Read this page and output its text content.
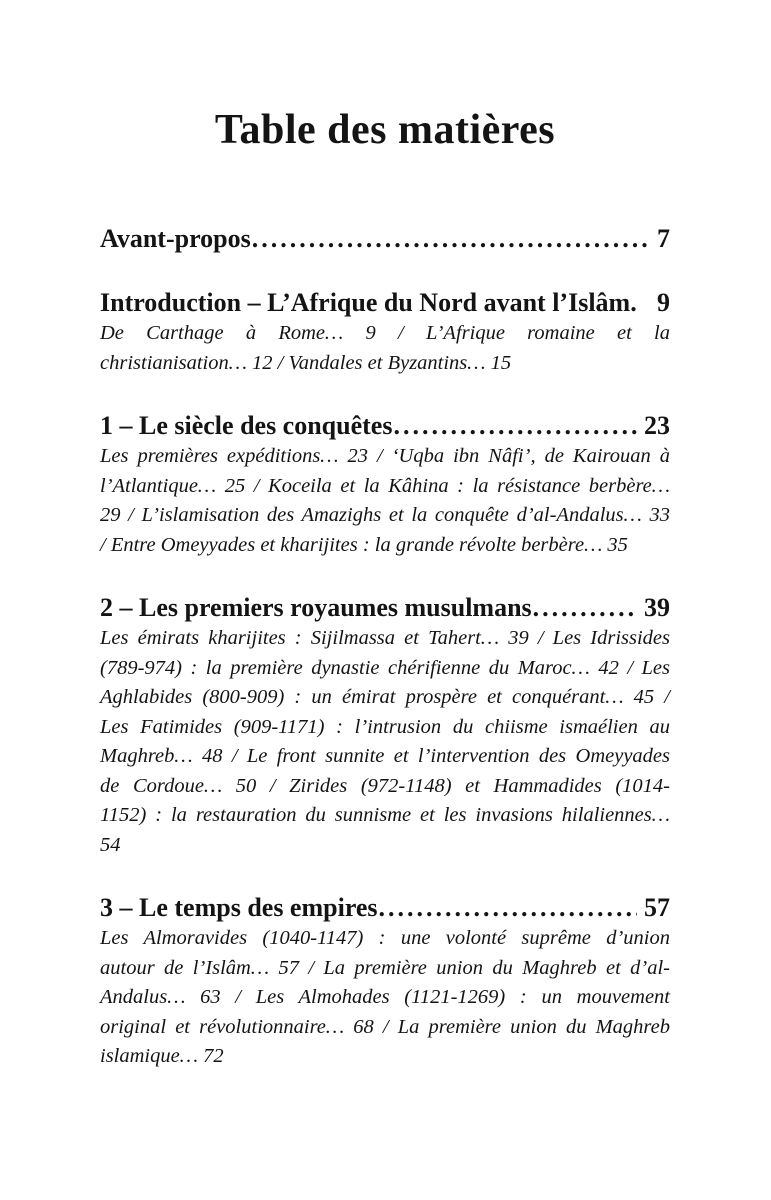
Table des matières
Avant-propos .....	7
Introduction – L’Afrique du Nord avant l’Islâm. 9
De Carthage à Rome… 9 / L’Afrique romaine et la
christianisation… 12 / Vandales et Byzantins… 15
1 – Le siècle des conquêtes .....	23
Les premières expéditions… 23 / ‘Uqba ibn Nâfi’, de Kairouan à
l’Atlantique… 25 / Koceila et la Kâhina : la résistance berbère…
29 / L’islamisation des Amazighs et la conquête d’al-Andalus… 33
/ Entre Omeyyades et kharijites : la grande révolte berbère… 35
2 – Les premiers royaumes musulmans .....	39
Les émirats kharijites : Sijilmassa et Tahert… 39 / Les Idrissides
(789-974) : la première dynastie chérifienne du Maroc… 42 / Les
Aghlabides (800-909) : un émirat prospère et conquérant… 45 /
Les Fatimides (909-1171) : l’intrusion du chiisme ismaélien au
Maghreb… 48 / Le front sunnite et l’intervention des Omeyyades
de Cordoue… 50 / Zirides (972-1148) et Hammadides (1014-
1152) : la restauration du sunnisme et les invasions hilaliennes…
54
3 – Le temps des empires .....	57
Les Almoravides (1040-1147) : une volonté suprême d’union
autour de l’Islâm… 57 / La première union du Maghreb et d’al-
Andalus… 63 / Les Almohades (1121-1269) : un mouvement
original et révolutionnaire… 68 / La première union du Maghreb
islamique… 72
